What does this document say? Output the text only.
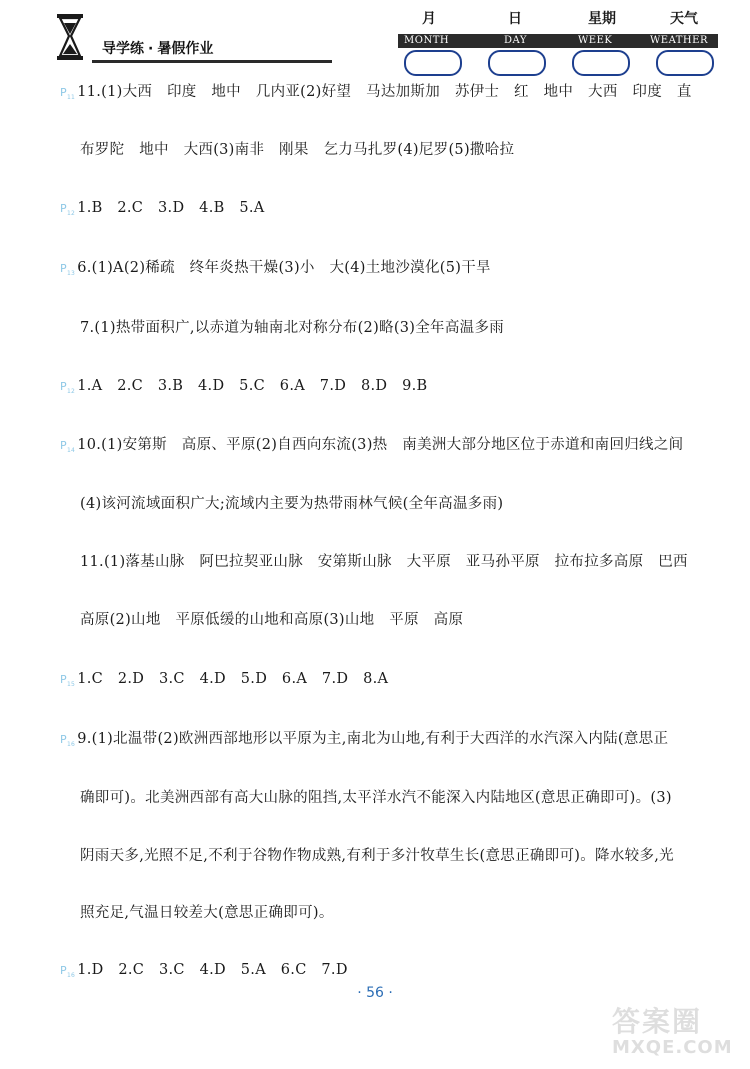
导学练 · 暑假作业
月	日	星期	天气
MONTH	DAY	WEEK	WEATHER
$P_{11}$ 11.(1)大西　印度　地中　几内亚(2)好望　马达加斯加　苏伊士　红　地中　大西　印度　直
布罗陀　地中　大西(3)南非　刚果　乞力马扎罗(4)尼罗(5)撒哈拉
$P_{12}$ 1.B　2.C　3.D　4.B　5.A
$P_{13}$ 6.(1)A(2)稀疏　终年炎热干燥(3)小　大(4)土地沙漠化(5)干旱
7.(1)热带面积广,以赤道为轴南北对称分布(2)略(3)全年高温多雨
$P_{12}$ 1.A　2.C　3.B　4.D　5.C　6.A　7.D　8.D　9.B
$P_{14}$ 10.(1)安第斯　高原、平原(2)自西向东流(3)热　南美洲大部分地区位于赤道和南回归线之间
(4)该河流域面积广大;流域内主要为热带雨林气候(全年高温多雨)
11.(1)落基山脉　阿巴拉契亚山脉　安第斯山脉　大平原　亚马孙平原　拉布拉多高原　巴西
高原(2)山地　平原低缓的山地和高原(3)山地　平原　高原
$P_{15}$ 1.C　2.D　3.C　4.D　5.D　6.A　7.D　8.A
$P_{16}$ 9.(1)北温带(2)欧洲西部地形以平原为主,南北为山地,有利于大西洋的水汽深入内陆(意思正
确即可)。北美洲西部有高大山脉的阻挡,太平洋水汽不能深入内陆地区(意思正确即可)。(3)
阴雨天多,光照不足,不利于谷物作物成熟,有利于多汁牧草生长(意思正确即可)。降水较多,光
照充足,气温日较差大(意思正确即可)。
$P_{16}$ 1.D　2.C　3.C　4.D　5.A　6.C　7.D
· 56 ·
答案圈
MXQE.COM
